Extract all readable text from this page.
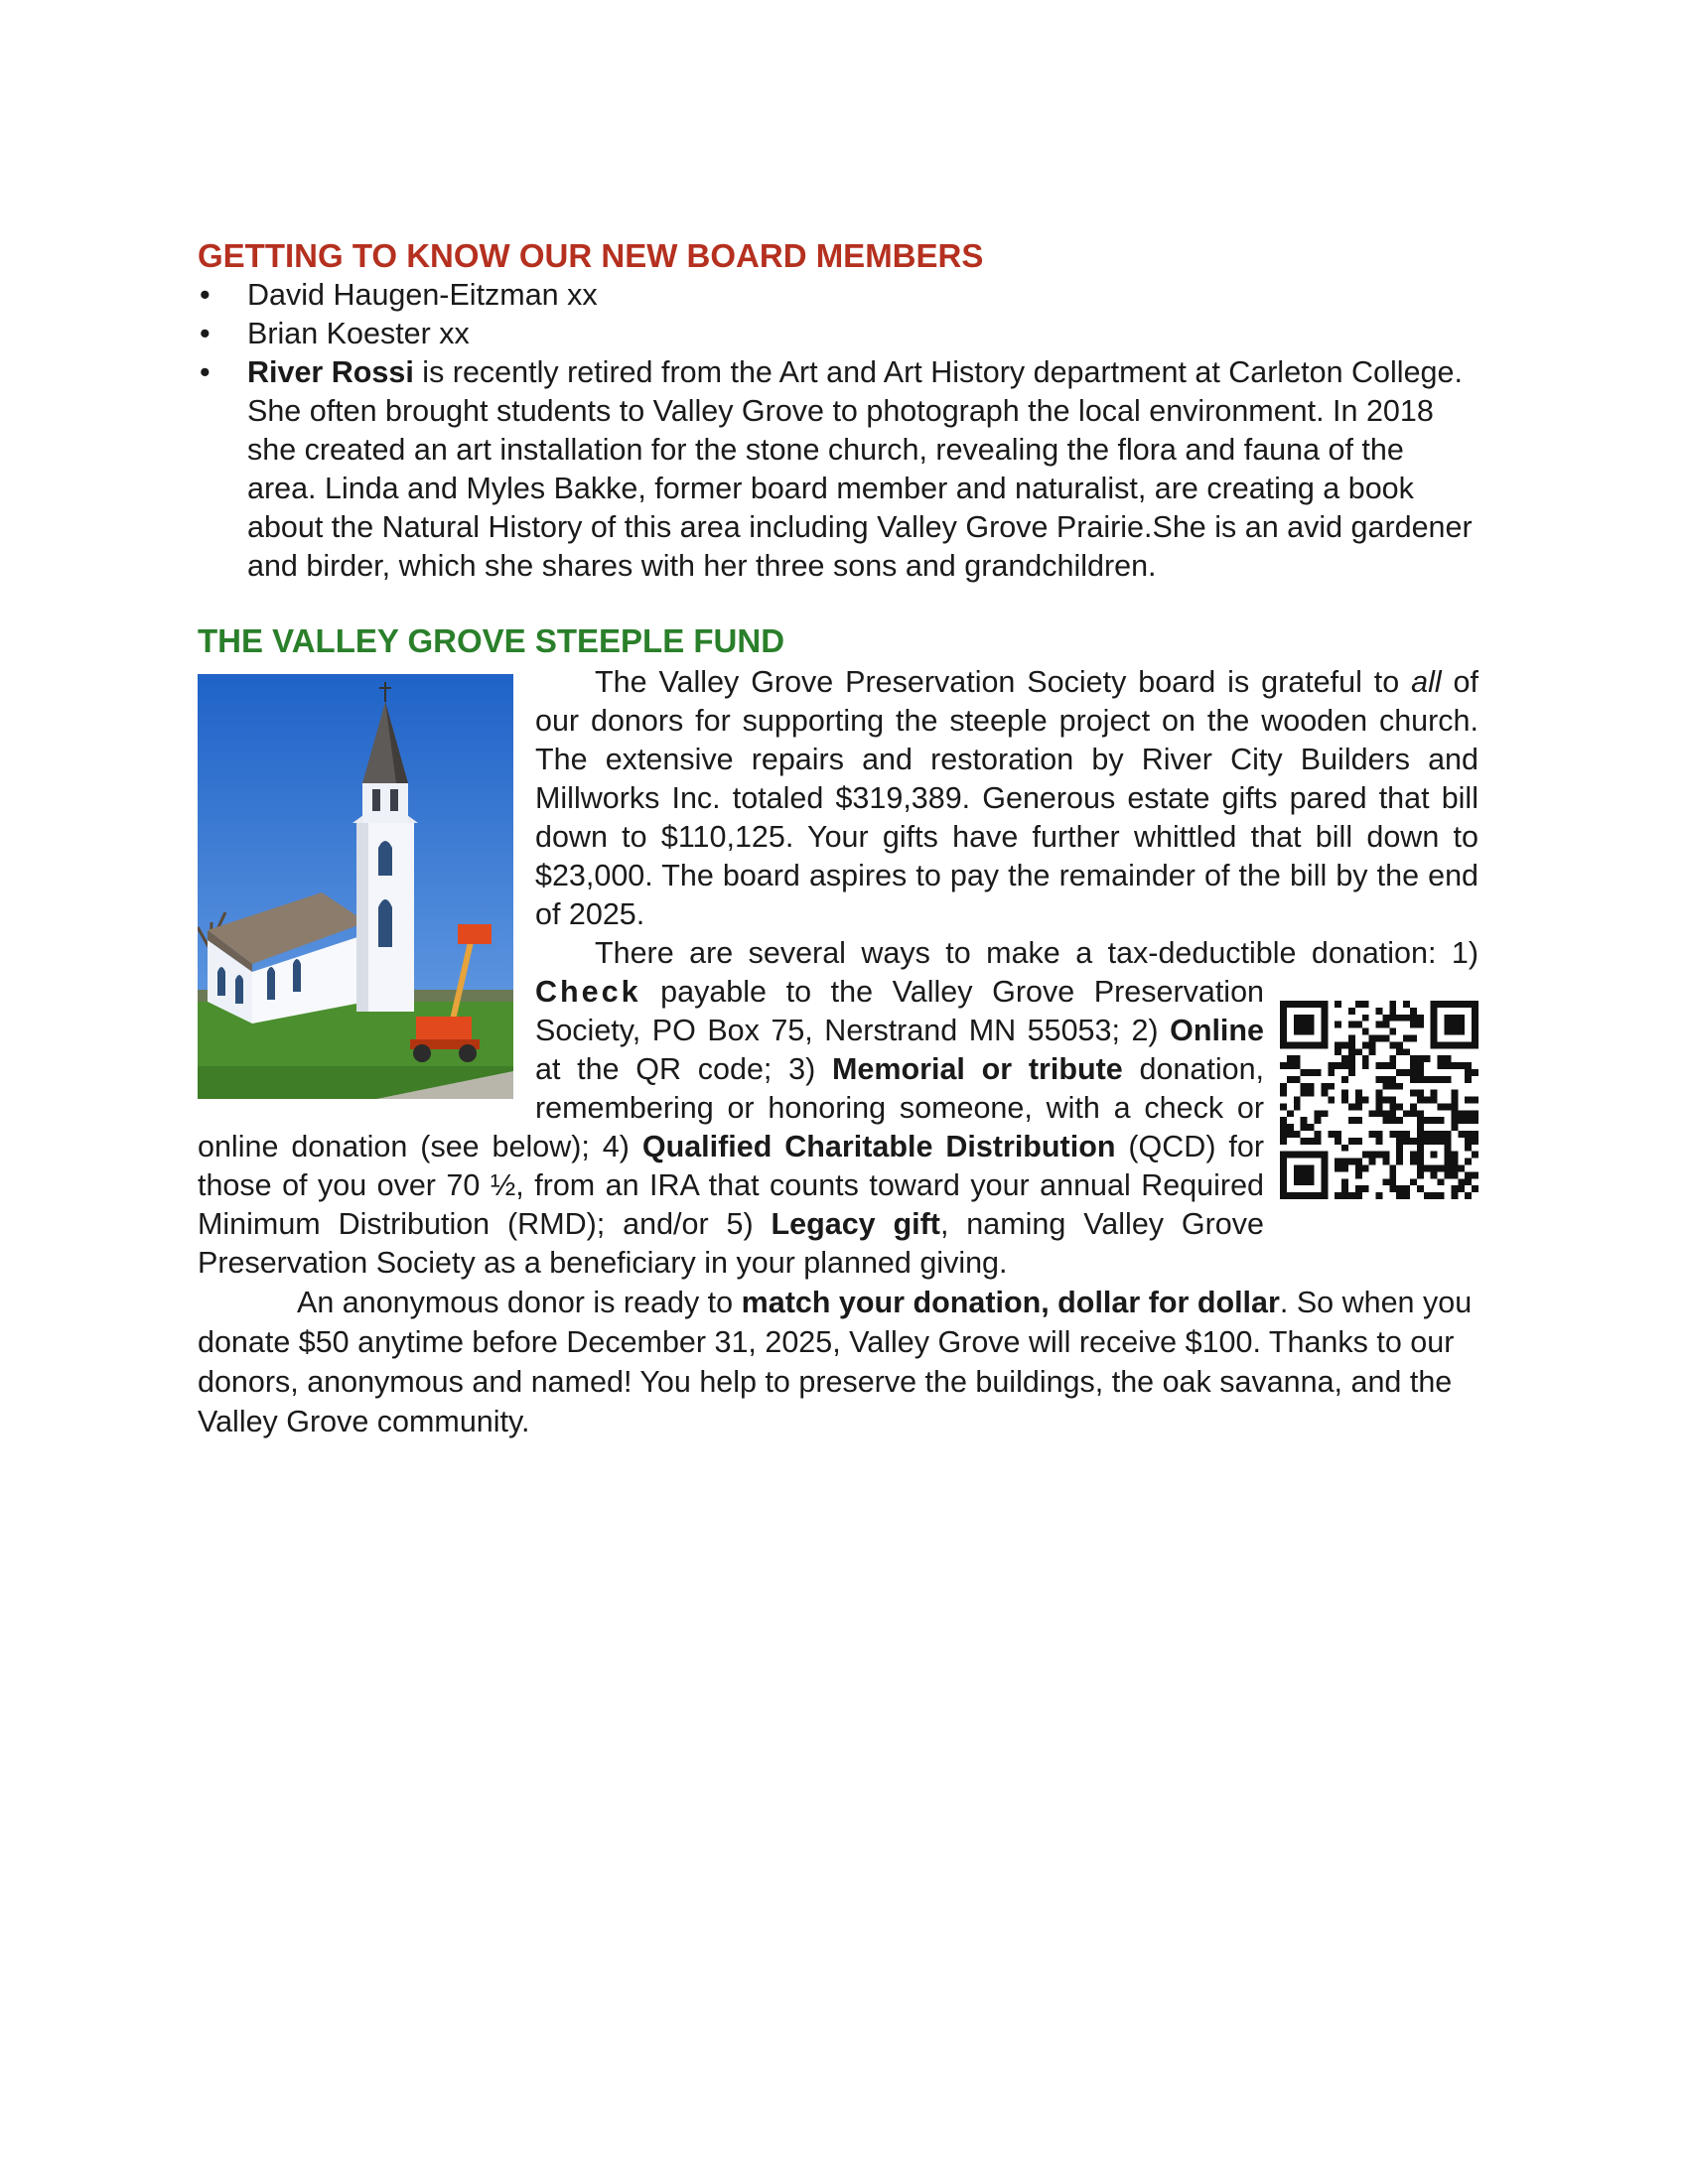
GETTING TO KNOW OUR NEW BOARD MEMBERS
• David Haugen-Eitzman xx
• Brian Koester xx
• River Rossi is recently retired from the Art and Art History department at Carleton College. She often brought students to Valley Grove to photograph the local environment. In 2018 she created an art installation for the stone church, revealing the flora and fauna of the area. Linda and Myles Bakke, former board member and naturalist, are creating a book about the Natural History of this area including Valley Grove Prairie.She is an avid gardener and birder, which she shares with her three sons and grandchildren.
THE VALLEY GROVE STEEPLE FUND

The Valley Grove Preservation Society board is grateful to all of our donors for supporting the steeple project on the wooden church. The extensive repairs and restoration by River City Builders and Millworks Inc. totaled $319,389. Generous estate gifts pared that bill down to $110,125. Your gifts have further whittled that bill down to $23,000. The board aspires to pay the remainder of the bill by the end of 2025.

There are several ways to make a tax-deductible donation:
1) Check payable to the Valley Grove Preservation Society, PO Box 75, Nerstrand MN 55053; 2) Online at the QR code; 3) Memorial or tribute donation, remembering or honoring someone, with a check or online donation (see below); 4) Qualified Charitable Distribution (QCD) for those of you over 70 ½, from an IRA that counts toward your annual Required Minimum Distribution (RMD); and/or 5) Legacy gift, naming Valley Grove Preservation Society as a beneficiary in your planned giving.

An anonymous donor is ready to match your donation, dollar for dollar. So when you donate $50 anytime before December 31, 2025, Valley Grove will receive $100. Thanks to our donors, anonymous and named! You help to preserve the buildings, the oak savanna, and the Valley Grove community.
